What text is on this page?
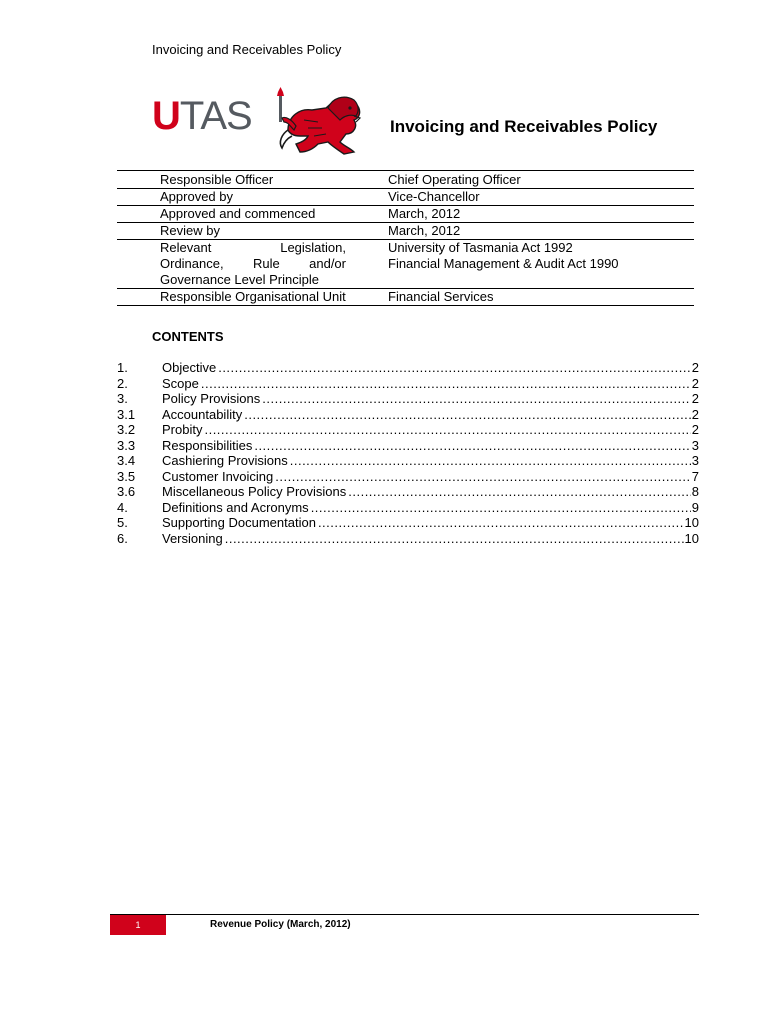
Invoicing and Receivables Policy
UTAS	Invoicing and Receivables Policy
Responsible Officer	Chief Operating Officer
Approved by	Vice-Chancellor
Approved and commenced	March, 2012
Review by	March, 2012
Relevant Legislation, Ordinance, Rule and/or Governance Level Principle	University of Tasmania Act 1992
Financial Management & Audit Act 1990

Responsible Organisational Unit	Financial Services
CONTENTS
1.	Objective .....	2
2.	Scope .....	2
3.	Policy Provisions .....	2
3.1	Accountability .....	2
3.2	Probity .....	2
3.3	Responsibilities .....	3
3.4	Cashiering Provisions .....	3
3.5	Customer Invoicing .....	7
3.6	Miscellaneous Policy Provisions .....	8
4.	Definitions and Acronyms .....	9
5.	Supporting Documentation .....	10
6.	Versioning .....	10
1	Revenue Policy (March, 2012)
